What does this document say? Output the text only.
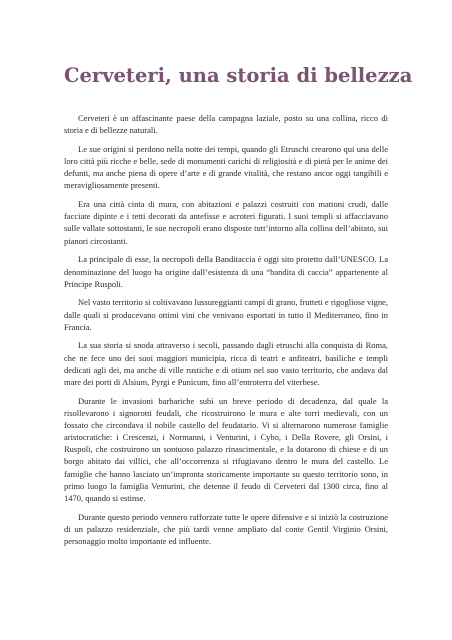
Cerveteri, una storia di bellezza

Cerveteri è un affascinante paese della campagna laziale, posto su una collina, ricco di storia e di bellezze naturali.

Le sue origini si perdono nella notte dei tempi, quando gli Etruschi crearono qui una delle loro città più ricche e belle, sede di monumenti carichi di religiosità e di pietà per le anime dei defunti, ma anche piena di opere d’arte e di grande vitalità, che restano ancor oggi tangibili e meravigliosamente presenti.

Era una città cinta di mura, con abitazioni e palazzi costruiti con mattoni crudi, dalle facciate dipinte e i tetti decorati da antefisse e acroteri figurati. I suoi templi si affacciavano sulle vallate sottostanti, le sue necropoli erano disposte tutt’intorno alla collina dell’abitato, sui pianori circostanti.

La principale di esse, la necropoli della Banditaccia è oggi sito protetto dall’UNESCO. La denominazione del luogo ha origine dall’esistenza di una “bandita di caccia” appartenente al Principe Ruspoli.

Nel vasto territorio si coltivavano lussureggianti campi di grano, frutteti e rigogliose vigne, dalle quali si producevano ottimi vini che venivano esportati in tutto il Mediterraneo, fino in Francia.

La sua storia si snoda attraverso i secoli, passando dagli etruschi alla conquista di Roma, che ne fece uno dei suoi maggiori municipia, ricca di teatri e anfiteatri, basiliche e templi dedicati agli dei, ma anche di ville rustiche e di otium nel suo vasto territorio, che andava dal mare dei porti di Alsium, Pyrgi e Punicum, fino all’entroterra del viterbese.

Durante le invasioni barbariche subì un breve periodo di decadenza, dal quale la risollevarono i signorotti feudali, che ricostruirono le mura e alte torri medievali, con un fossato che circondava il nobile castello del feudatario. Vi si alternarono numerose famiglie aristocratiche: i Crescenzi, i Normanni, i Venturini, i Cybo, i Della Rovere, gli Orsini, i Ruspoli, che costruirono un sontuoso palazzo rinascimentale, e la dotarono di chiese e di un borgo abitato dai villici, che all’occorrenza si rifugiavano dentro le mura del castello. Le famiglie che hanno lasciato un’impronta storicamente importante su questo territorio sono, in primo luogo la famiglia Venturini, che detenne il feudo di Cerveteri dal 1300 circa, fino al 1470, quando si estinse.

Durante questo periodo vennero rafforzate tutte le opere difensive e si iniziò la costruzione di un palazzo residenziale, che più tardi venne ampliato dal conte Gentil Virginio Orsini, personaggio molto importante ed influente.
